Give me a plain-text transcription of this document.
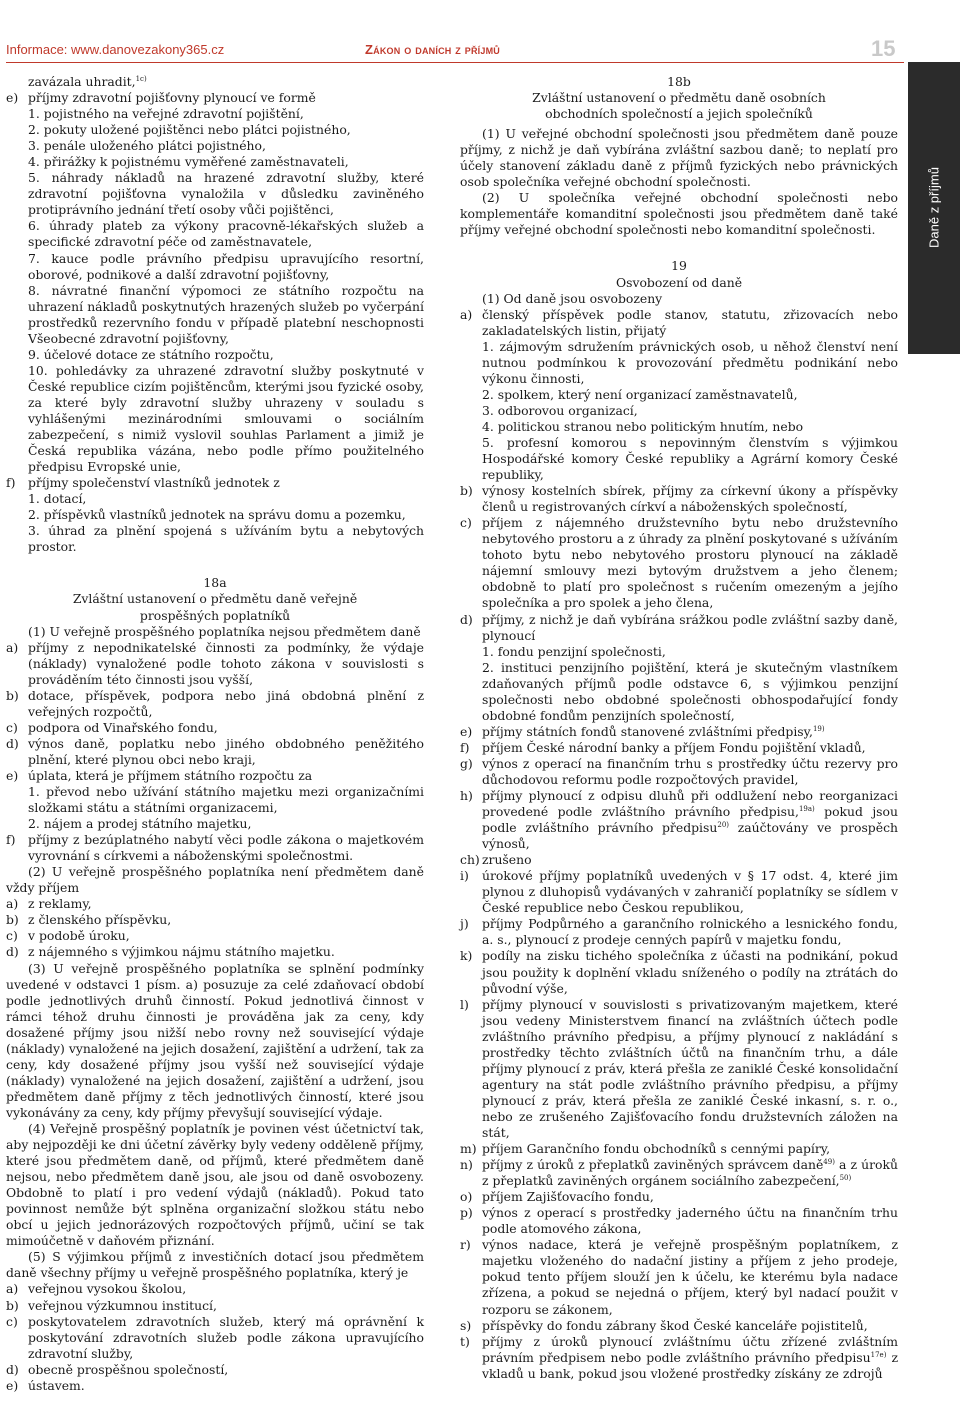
Informace: www.danovezakony365.cz	Zákon o daních z příjmů	15
Daně z příjmů

zavázala uhradit,$^{1c)}$

e) příjmy zdravotní pojišťovny plynoucí ve formě

1. pojistného na veřejné zdravotní pojištění,

2. pokuty uložené pojištěnci nebo plátci pojistného,

3. penále uloženého plátci pojistného,

4. přirážky k pojistnému vyměřené zaměstnavateli,

5. náhrady nákladů na hrazené zdravotní služby, které zdravotní pojišťovna vynaložila v důsledku zaviněného protiprávního jednání třetí osoby vůči pojištěnci,

6. úhrady plateb za výkony pracovně-lékařských služeb a specifické zdravotní péče od zaměstnavatele,

7. kauce podle právního předpisu upravujícího resortní, oborové, podnikové a další zdravotní pojišťovny,

8. návratné finanční výpomoci ze státního rozpočtu na uhrazení nákladů poskytnutých hrazených služeb po vyčerpání prostředků rezervního fondu v případě platební neschopnosti Všeobecné zdravotní pojišťovny,

9. účelové dotace ze státního rozpočtu,

10. pohledávky za uhrazené zdravotní služby poskytnuté v České republice cizím pojištěncům, kterými jsou fyzické osoby, za které byly zdravotní služby uhrazeny v souladu s vyhlášenými mezinárodními smlouvami o sociálním zabezpečení, s nimiž vyslovil souhlas Parlament a jimiž je Česká republika vázána, nebo podle přímo použitelného předpisu Evropské unie,

f) příjmy společenství vlastníků jednotek z

1. dotací,

2. příspěvků vlastníků jednotek na správu domu a pozemku,

3. úhrad za plnění spojená s užíváním bytu a nebytových prostor.

18a

Zvláštní ustanovení o předmětu daně veřejně prospěšných poplatníků

(1) U veřejně prospěšného poplatníka nejsou předmětem daně

a) příjmy z nepodnikatelské činnosti za podmínky, že výdaje (náklady) vynaložené podle tohoto zákona v souvislosti s prováděním této činnosti jsou vyšší,

b) dotace, příspěvek, podpora nebo jiná obdobná plnění z veřejných rozpočtů,

c) podpora od Vinařského fondu,

d) výnos daně, poplatku nebo jiného obdobného peněžitého plnění, které plynou obci nebo kraji,

e) úplata, která je příjmem státního rozpočtu za

1. převod nebo užívání státního majetku mezi organizačními složkami státu a státními organizacemi,

2. nájem a prodej státního majetku,

f) příjmy z bezúplatného nabytí věci podle zákona o majetkovém vyrovnání s církvemi a náboženskými společnostmi.

(2) U veřejně prospěšného poplatníka není předmětem daně vždy příjem

a) z reklamy,

b) z členského příspěvku,

c) v podobě úroku,

d) z nájemného s výjimkou nájmu státního majetku.

(3) U veřejně prospěšného poplatníka se splnění podmínky uvedené v odstavci 1 písm. a) posuzuje za celé zdaňovací období podle jednotlivých druhů činností. Pokud jednotlivá činnost v rámci téhož druhu činnosti je prováděna jak za ceny, kdy dosažené příjmy jsou nižší nebo rovny než související výdaje (náklady) vynaložené na jejich dosažení, zajištění a udržení, tak za ceny, kdy dosažené příjmy jsou vyšší než související výdaje (náklady) vynaložené na jejich dosažení, zajištění a udržení, jsou předmětem daně příjmy z těch jednotlivých činností, které jsou vykonávány za ceny, kdy příjmy převyšují související výdaje.

(4) Veřejně prospěšný poplatník je povinen vést účetnictví tak, aby nejpozději ke dni účetní závěrky byly vedeny odděleně příjmy, které jsou předmětem daně, od příjmů, které předmětem daně nejsou, nebo předmětem daně jsou, ale jsou od daně osvobozeny. Obdobně to platí i pro vedení výdajů (nákladů). Pokud tato povinnost nemůže být splněna organizační složkou státu nebo obcí u jejich jednorázových rozpočtových příjmů, učiní se tak mimoúčetně v daňovém přiznání.

(5) S výjimkou příjmů z investičních dotací jsou předmětem daně všechny příjmy u veřejně prospěšného poplatníka, který je

a) veřejnou vysokou školou,

b) veřejnou výzkumnou institucí,

c) poskytovatelem zdravotních služeb, který má oprávnění k poskytování zdravotních služeb podle zákona upravujícího zdravotní služby,

d) obecně prospěšnou společností,

e) ústavem.

18b

Zvláštní ustanovení o předmětu daně osobních obchodních společností a jejich společníků

(1) U veřejné obchodní společnosti jsou předmětem daně pouze příjmy, z nichž je daň vybírána zvláštní sazbou daně; to neplatí pro účely stanovení základu daně z příjmů fyzických nebo právnických osob společníka veřejné obchodní společnosti.

(2) U společníka veřejné obchodní společnosti nebo komplementáře komanditní společnosti jsou předmětem daně také příjmy veřejné obchodní společnosti nebo komanditní společnosti.

19

Osvobození od daně

(1) Od daně jsou osvobozeny

a) členský příspěvek podle stanov, statutu, zřizovacích nebo zakladatelských listin, přijatý

1. zájmovým sdružením právnických osob, u něhož členství není nutnou podmínkou k provozování předmětu podnikání nebo výkonu činnosti,

2. spolkem, který není organizací zaměstnavatelů,

3. odborovou organizací,

4. politickou stranou nebo politickým hnutím, nebo

5. profesní komorou s nepovinným členstvím s výjimkou Hospodářské komory České republiky a Agrární komory České republiky,

b) výnosy kostelních sbírek, příjmy za církevní úkony a příspěvky členů u registrovaných církví a náboženských společností,

c) příjem z nájemného družstevního bytu nebo družstevního nebytového prostoru a z úhrady za plnění poskytované s užíváním tohoto bytu nebo nebytového prostoru plynoucí na základě nájemní smlouvy mezi bytovým družstvem a jeho členem; obdobně to platí pro společnost s ručením omezeným a jejího společníka a pro spolek a jeho člena,

d) příjmy, z nichž je daň vybírána srážkou podle zvláštní sazby daně, plynoucí

1. fondu penzijní společnosti,

2. instituci penzijního pojištění, která je skutečným vlastníkem zdaňovaných příjmů podle odstavce 6, s výjimkou penzijní společnosti nebo obdobné společnosti obhospodařující fondy obdobné fondům penzijních společností,

e) příjmy státních fondů stanovené zvláštními předpisy,$^{19)}$

f) příjem České národní banky a příjem Fondu pojištění vkladů,

g) výnos z operací na finančním trhu s prostředky účtu rezervy pro důchodovou reformu podle rozpočtových pravidel,

h) příjmy plynoucí z odpisu dluhů při oddlužení nebo reorganizaci provedené podle zvláštního právního předpisu,$^{19a)}$ pokud jsou podle zvláštního právního předpisu$^{20)}$ zaúčtovány ve prospěch výnosů,

ch) zrušeno

i) úrokové příjmy poplatníků uvedených v § 17 odst. 4, které jim plynou z dluhopisů vydávaných v zahraničí poplatníky se sídlem v České republice nebo Českou republikou,

j) příjmy Podpůrného a garančního rolnického a lesnického fondu, a. s., plynoucí z prodeje cenných papírů v majetku fondu,

k) podíly na zisku tichého společníka z účasti na podnikání, pokud jsou použity k doplnění vkladu sníženého o podíly na ztrátách do původní výše,

l) příjmy plynoucí v souvislosti s privatizovaným majetkem, které jsou vedeny Ministerstvem financí na zvláštních účtech podle zvláštního právního předpisu, a příjmy plynoucí z nakládání s prostředky těchto zvláštních účtů na finančním trhu, a dále příjmy plynoucí z práv, která přešla ze zaniklé České konsolidační agentury na stát podle zvláštního právního předpisu, a příjmy plynoucí z práv, která přešla ze zaniklé České inkasní, s. r. o., nebo ze zrušeného Zajišťovacího fondu družstevních záložen na stát,

m) příjem Garančního fondu obchodníků s cennými papíry,

n) příjmy z úroků z přeplatků zaviněných správcem daně$^{49)}$ a z úroků z přeplatků zaviněných orgánem sociálního zabezpečení,$^{50)}$

o) příjem Zajišťovacího fondu,

p) výnos z operací s prostředky jaderného účtu na finančním trhu podle atomového zákona,

r) výnos nadace, která je veřejně prospěšným poplatníkem, z majetku vloženého do nadační jistiny a příjem z jeho prodeje, pokud tento příjem slouží jen k účelu, ke kterému byla nadace zřízena, a pokud se nejedná o příjem, který byl nadací použit v rozporu se zákonem,

s) příspěvky do fondu zábrany škod České kanceláře pojistitelů,

t) příjmy z úroků plynoucí zvláštnímu účtu zřízené zvláštním právním předpisem nebo podle zvláštního právního předpisu$^{17e)}$ z vkladů u bank, pokud jsou vložené prostředky získány ze zdrojů
